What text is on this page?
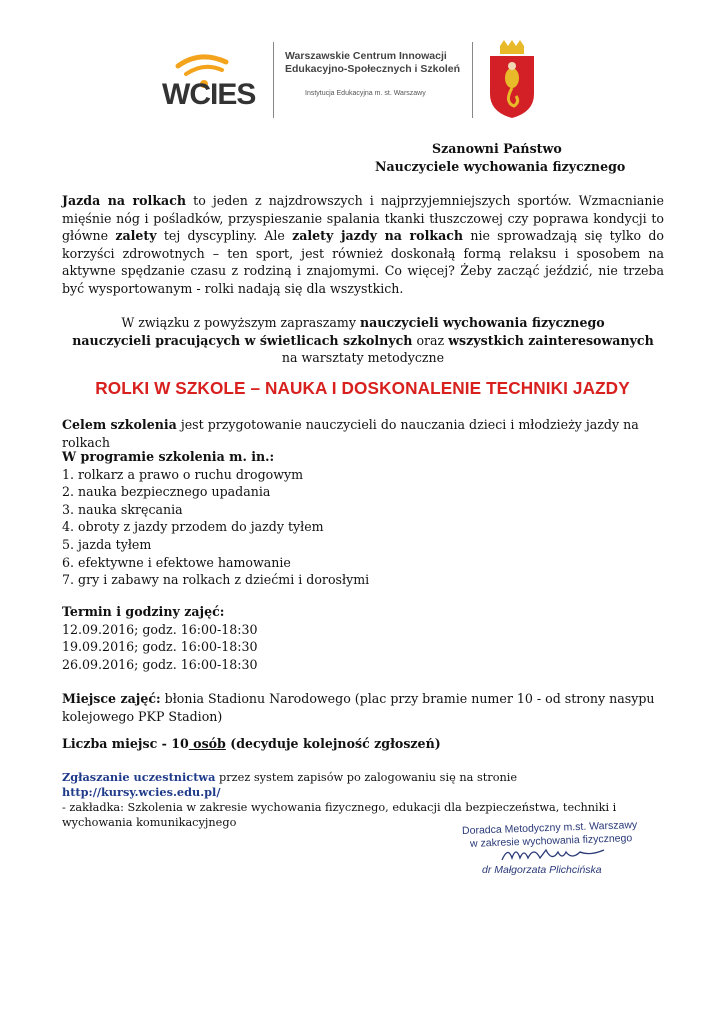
WCIES
Warszawskie Centrum Innowacji
Edukacyjno-Społecznych i Szkoleń
Instytucja Edukacyjna m. st. Warszawy
Szanowni Państwo
Nauczyciele wychowania fizycznego
Jazda na rolkach to jeden z najzdrowszych i najprzyjemniejszych sportów. Wzmacnianie mięśnie nóg i pośladków, przyspieszanie spalania tkanki tłuszczowej czy poprawa kondycji to główne zalety tej dyscypliny. Ale zalety jazdy na rolkach nie sprowadzają się tylko do korzyści zdrowotnych – ten sport, jest również doskonałą formą relaksu i sposobem na aktywne spędzanie czasu z rodziną i znajomymi. Co więcej? Żeby zacząć jeździć, nie trzeba być wysportowanym - rolki nadają się dla wszystkich.
W związku z powyższym zapraszamy nauczycieli wychowania fizycznego
nauczycieli pracujących w świetlicach szkolnych oraz wszystkich zainteresowanych
na warsztaty metodyczne
ROLKI W SZKOLE – NAUKA I DOSKONALENIE TECHNIKI JAZDY
Celem szkolenia jest przygotowanie nauczycieli do nauczania dzieci i młodzieży jazdy na rolkach
W programie szkolenia m. in.:
1. rolkarz a prawo o ruchu drogowym
2. nauka bezpiecznego upadania
3. nauka skręcania
4. obroty z jazdy przodem do jazdy tyłem
5. jazda tyłem
6. efektywne i efektowe hamowanie
7. gry i zabawy na rolkach z dziećmi i dorosłymi
Termin i godziny zajęć:
12.09.2016; godz. 16:00-18:30
19.09.2016; godz. 16:00-18:30
26.09.2016; godz. 16:00-18:30
Miejsce zajęć: błonia Stadionu Narodowego (plac przy bramie numer 10 - od strony nasypu kolejowego PKP Stadion)
Liczba miejsc - 10 osób (decyduje kolejność zgłoszeń)
Zgłaszanie uczestnictwa przez system zapisów po zalogowaniu się na stronie http://kursy.wcies.edu.pl/
- zakładka: Szkolenia w zakresie wychowania fizycznego, edukacji dla bezpieczeństwa, techniki i wychowania komunikacyjnego	Doradca Metodyczny m.st. Warszawy
w zakresie wychowania fizycznego
dr Małgorzata Plichcińska
